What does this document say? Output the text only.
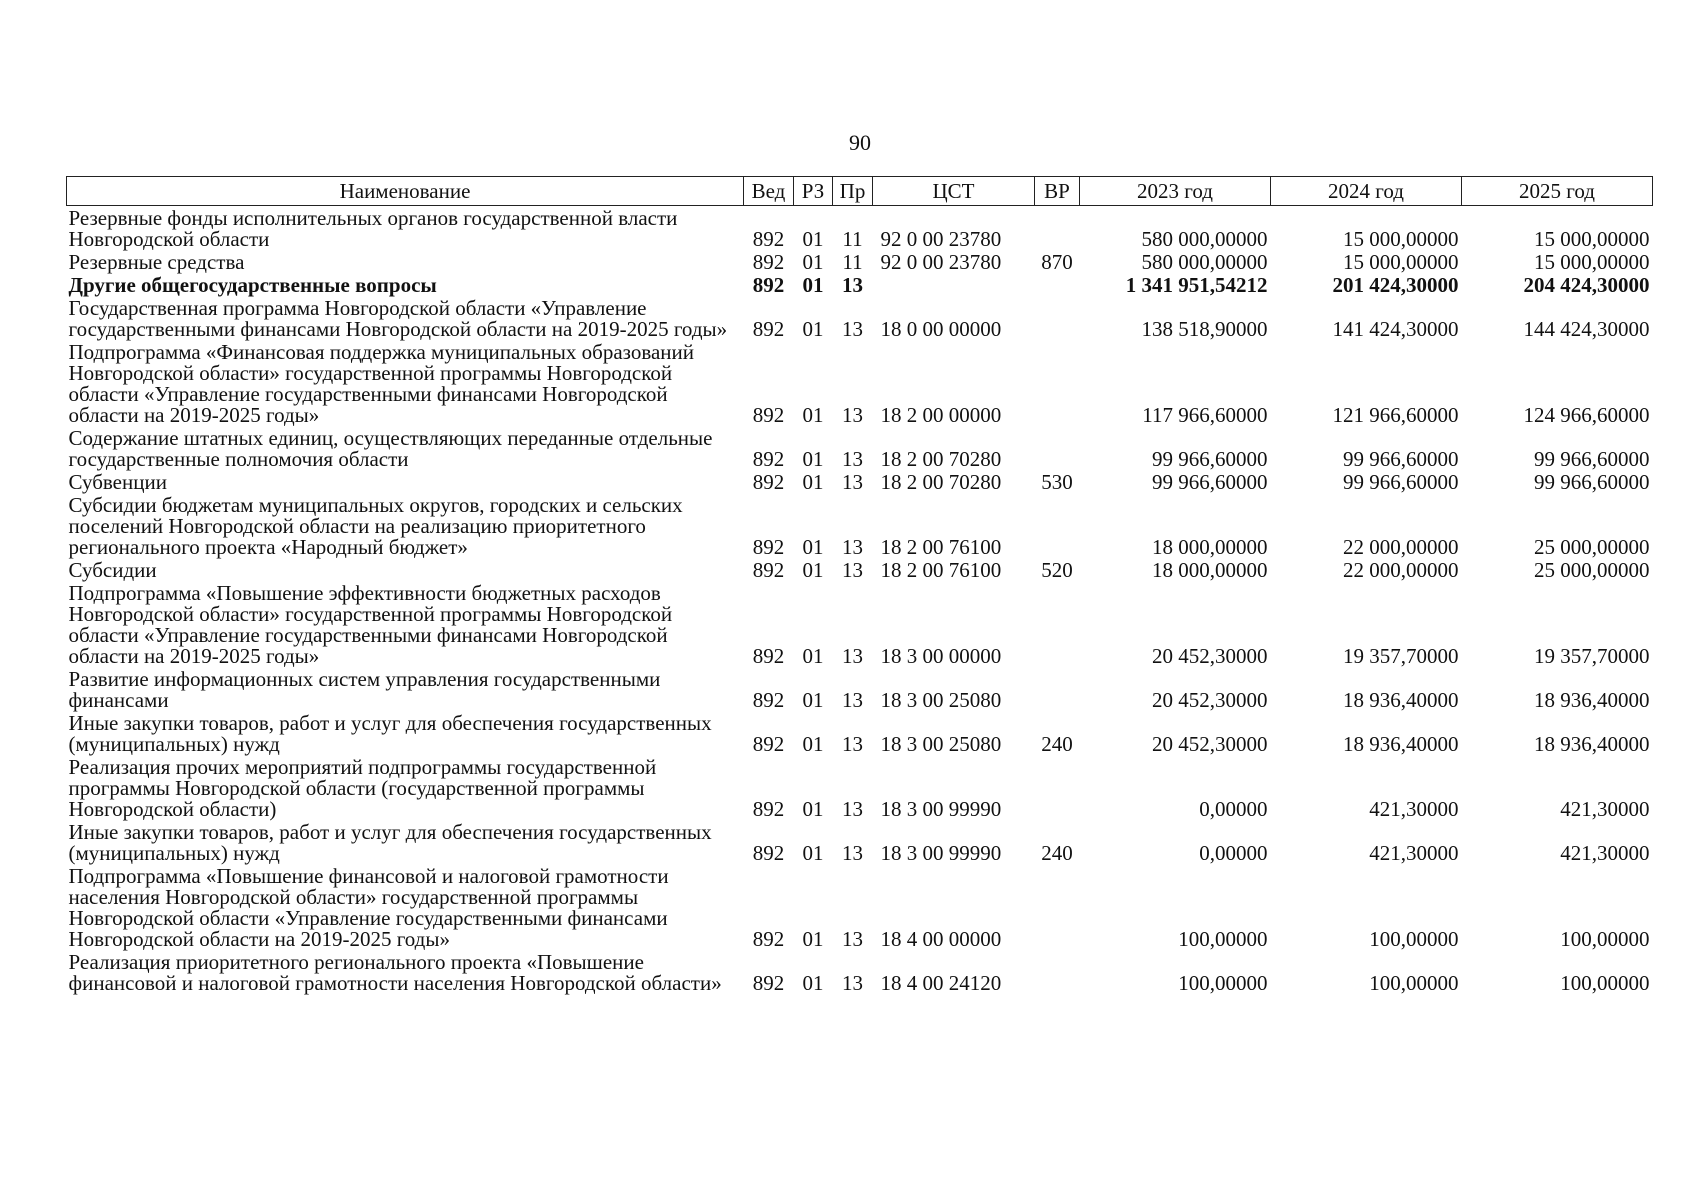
90
Наименование	Вед	РЗ	Пр	ЦСТ	ВР	2023 год	2024 год	2025 год
Резервные фонды исполнительных органов государственной власти Новгородской области	892	01	11	92 0 00 23780		580 000,00000	15 000,00000	15 000,00000
Резервные средства	892	01	11	92 0 00 23780	870	580 000,00000	15 000,00000	15 000,00000
Другие общегосударственные вопросы	892	01	13			1 341 951,54212	201 424,30000	204 424,30000
Государственная программа Новгородской области «Управление государственными финансами Новгородской области на 2019-2025 годы»	892	01	13	18 0 00 00000		138 518,90000	141 424,30000	144 424,30000
Подпрограмма «Финансовая поддержка муниципальных образований Новгородской области» государственной программы Новгородской области «Управление государственными финансами Новгородской области на 2019-2025 годы»	892	01	13	18 2 00 00000		117 966,60000	121 966,60000	124 966,60000
Содержание штатных единиц, осуществляющих переданные отдельные государственные полномочия области	892	01	13	18 2 00 70280		99 966,60000	99 966,60000	99 966,60000
Субвенции	892	01	13	18 2 00 70280	530	99 966,60000	99 966,60000	99 966,60000
Субсидии бюджетам муниципальных округов, городских и сельских поселений Новгородской области на реализацию приоритетного регионального проекта «Народный бюджет»	892	01	13	18 2 00 76100		18 000,00000	22 000,00000	25 000,00000
Субсидии	892	01	13	18 2 00 76100	520	18 000,00000	22 000,00000	25 000,00000
Подпрограмма «Повышение эффективности бюджетных расходов Новгородской области» государственной программы Новгородской области «Управление государственными финансами Новгородской области на 2019-2025 годы»	892	01	13	18 3 00 00000		20 452,30000	19 357,70000	19 357,70000
Развитие информационных систем управления государственными финансами	892	01	13	18 3 00 25080		20 452,30000	18 936,40000	18 936,40000
Иные закупки товаров, работ и услуг для обеспечения государственных (муниципальных) нужд	892	01	13	18 3 00 25080	240	20 452,30000	18 936,40000	18 936,40000
Реализация прочих мероприятий подпрограммы государственной программы Новгородской области (государственной программы Новгородской области)	892	01	13	18 3 00 99990		0,00000	421,30000	421,30000
Иные закупки товаров, работ и услуг для обеспечения государственных (муниципальных) нужд	892	01	13	18 3 00 99990	240	0,00000	421,30000	421,30000
Подпрограмма «Повышение финансовой и налоговой грамотности населения Новгородской области» государственной программы Новгородской области «Управление государственными финансами Новгородской области на 2019-2025 годы»	892	01	13	18 4 00 00000		100,00000	100,00000	100,00000
Реализация приоритетного регионального проекта «Повышение финансовой и налоговой грамотности населения Новгородской области»	892	01	13	18 4 00 24120		100,00000	100,00000	100,00000
